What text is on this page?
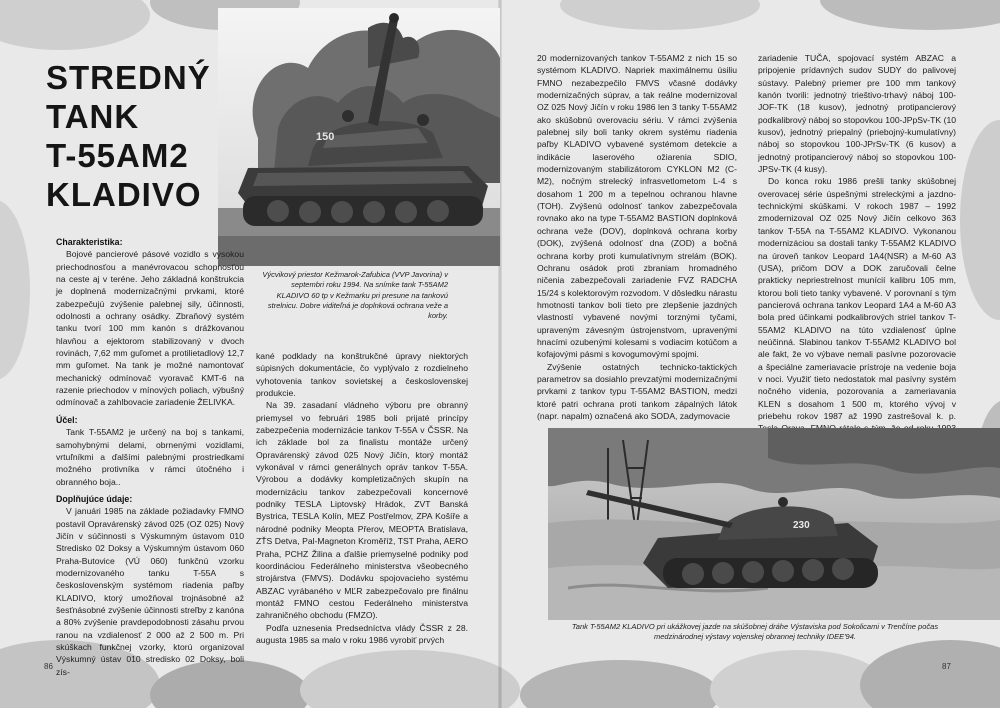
150
STREDNÝ
TANK
T-55AM2
KLADIVO
Výcvikový priestor Kežmarok-Zafubica (VVP Javorina) v septembri roku 1994. Na snímke tank T-55AM2 KLADIVO 60 tp v Kežmarku pri presune na tankovú strelnicu. Dobre viditeľná je doplnková ochrana veže a korby.
Charakteristika:

Bojové pancierové pásové vozidlo s vysokou priechodnosťou a manévrovacou schopnosťou na ceste aj v teréne. Jeho základná konštrukcia je doplnená modernizačnými prvkami, ktoré zabezpečujú zvýšenie palebnej sily, účinnosti, odolnosti a ochrany osádky. Zbraňový systém tanku tvorí 100 mm kanón s drážkovanou hlavňou a ejektorom stabilizovaný v dvoch rovinách, 7,62 mm guľomet a protilietadlový 12,7 mm guľomet. Na tank je možné namontovať mechanický odmínovač vyoravač KMT-6 na razenie priechodov v mínových poliach, výbušný odmínovač a zahlbovacie zariadenie ŽELIVKA.

Účel:

Tank T-55AM2 je určený na boj s tankami, samohybnými delami, obrnenými vozidlami, vrtuľníkmi a ďalšími palebnými prostriedkami možného protivníka v rámci útočného i obranného boja..

Doplňujúce údaje:

V januári 1985 na základe požiadavky FMNO postavil Opravárenský závod 025 (OZ 025) Nový Jičín v súčinnosti s Výskumným ústavom 010 Stredisko 02 Doksy a Výskumným ústavom 060 Praha-Butovice (VÚ 060) funkčnú vzorku modernizovaného tanku T-55A s československým systémom riadenia paľby KLADIVO, ktorý umožňoval trojnásobné až šesťnásobné zvýšenie účinnosti streľby z kanóna a 80% zvýšenie pravdepodobnosti zásahu prvou ranou na vzdialenosť 2 000 až 2 500 m. Pri skúškach funkčnej vzorky, ktorú organizoval Výskumný ústav 010 stredisko 02 Doksy, boli zís-

kané podklady na konštrukčné úpravy niektorých súpisných dokumentácie, čo vyplývalo z rozdielneho vyhotovenia tankov sovietskej a československej produkcie.

Na 39. zasadaní vládneho výboru pre obranný priemysel vo februári 1985 boli prijaté princípy zabezpečenia modernizácie tankov T-55A v ČSSR. Na ich základe bol za finalistu montáže určený Opravárenský závod 025 Nový Jičín, ktorý montáž vykonával v rámci generálnych opráv tankov T-55A. Výrobou a dodávky kompletizačných skupín na modernizáciu tankov zabezpečovali koncernové podniky TESLA Liptovský Hrádok, ZVT Banská Bystrica, TESLA Kolín, MEZ Postřelmov, ZPA Košíře a národné podniky Meopta Přerov, MEOPTA Bratislava, ZŤS Detva, Pal-Magneton Kroměříž, TST Praha, AERO Praha, PCHZ Žilina a ďalšie priemyselné podniky pod koordináciou Federálneho ministerstva všeobecného strojárstva (FMVS). Dodávku spojovacieho systému ABZAC vyrábaného v MĽR zabezpečovalo pre finálnu montáž FMNO cestou Federálneho ministerstva zahraničného obchodu (FMZO).

Podľa uznesenia Predsedníctva vlády ČSSR z 28. augusta 1985 sa malo v roku 1986 vyrobiť prvých

86

20 modernizovaných tankov T-55AM2 z nich 15 so systémom KLADIVO. Napriek maximálnemu úsiliu FMNO nezabezpečilo FMVS včasné dodávky modernizačných súprav, a tak reálne modernizoval OZ 025 Nový Jičín v roku 1986 len 3 tanky T-55AM2 ako skúšobnú overovaciu sériu. V rámci zvýšenia palebnej sily boli tanky okrem systému riadenia paľby KLADIVO vybavené systémom detekcie a indikácie laserového ožiarenia SDIO, modernizovaným stabilizátorom CYKLON M2 (C-M2), nočným strelecký infrasvetlometom L-4 s dosahom 1 200 m a tepelnou ochranou hlavne (TOH). Zvýšenú odolnosť tankov zabezpečovala rovnako ako na type T-55AM2 BASTION doplnková ochrana veže (DOV), doplnková ochrana korby (DOK), zvýšená odolnosť dna (ZOD) a bočná ochrana korby proti kumulatívnym strelám (BOK). Ochranu osádok proti zbraniam hromadného ničenia zabezpečovali zariadenie FVZ RADCHA 15/24 s kolektorovým rozvodom. V dôsledku nárastu hmotnosti tankov boli tieto pre zlepšenie jazdných vlastností vybavené novými torznými tyčami, upraveným závesným ústrojenstvom, upravenými hnacími ozubenými kolesami s vodiacim kotúčom a kofajovými pásmi s kovogumovými spojmi.

Zvýšenie ostatných technicko-taktických parametrov sa dosiahlo prevzatými modernizačnými prvkami z tankov typu T-55AM2 BASTION, medzi ktoré patri ochrana proti tankom zápalných látok (napr. napalm) označená ako SODA, zadymovacie

zariadenie TUČA, spojovací systém ABZAC a pripojenie prídavných sudov SUDY do palivovej sústavy. Palebný priemer pre 100 mm tankový kanón tvorili: jednotný trieštivo-trhavý náboj 100-JOF-TK (18 kusov), jednotný protipancierový podkalibrový náboj so stopovkou 100-JPpSv-TK (10 kusov), jednotný priepalný (priebojný-kumulatívny) náboj so stopovkou 100-JPrSv-TK (6 kusov) a jednotný protipancierový náboj so stopovkou 100-JPSv-TK (4 kusy).

Do konca roku 1986 prešli tanky skúšobnej overovacej série úspešnými streleckými a jazdno-technickými skúškami. V rokoch 1987 – 1992 zmodernizoval OZ 025 Nový Jičín celkovo 363 tankov T-55A na T-55AM2 KLADIVO. Vykonanou modernizáciou sa dostali tanky T-55AM2 KLADIVO na úroveň tankov Leopard 1A4(NSR) a M-60 A3 (USA), pričom DOV a DOK zaručovali čelne prakticky nepriestrelnost munícií kalibru 105 mm, ktorou boli tieto tanky vybavené. V porovnaní s tým pancierová ochrana tankov Leopard 1A4 a M-60 A3 bola pred účinkami podkalibrových striel tankov T-55AM2 KLADIVO na túto vzdialenosť úplne neúčinná. Slabinou tankov T-55AM2 KLADIVO bol ale fakt, že vo výbave nemali pasívne pozorovacie a špeciálne zameriavacie prístroje na vedenie boja v noci. Využiť tieto nedostatok mal pasívny systém nočného videnia, pozorovania a zameriavania KLEN s dosahom 1 500 m, ktorého vývoj v priebehu rokov 1987 až 1990 zastrešoval k. p.

230
Tank T-55AM2 KLADIVO pri ukážkovej jazde na skúšobnej dráhe Výstaviska pod Sokolicami v Trenčíne počas medzinárodnej výstavy vojenskej obrannej techniky IDEE'94.
87
